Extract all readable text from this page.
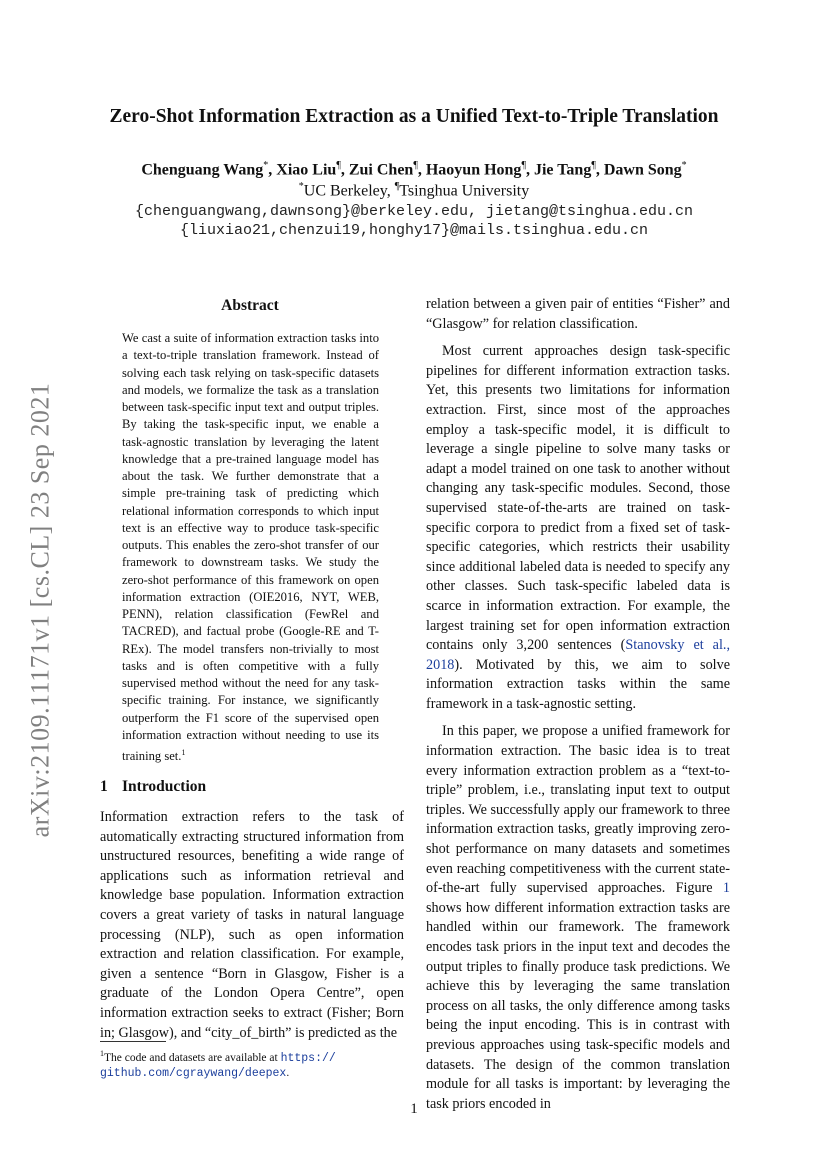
arXiv:2109.11171v1 [cs.CL] 23 Sep 2021
Zero-Shot Information Extraction as a Unified Text-to-Triple Translation
Chenguang Wang*, Xiao Liu¶, Zui Chen¶, Haoyun Hong¶, Jie Tang¶, Dawn Song*
*UC Berkeley, ¶Tsinghua University
{chenguangwang,dawnsong}@berkeley.edu, jietang@tsinghua.edu.cn
{liuxiao21,chenzui19,honghy17}@mails.tsinghua.edu.cn
Abstract
We cast a suite of information extraction tasks into a text-to-triple translation framework. Instead of solving each task relying on task-specific datasets and models, we formalize the task as a translation between task-specific input text and output triples. By taking the task-specific input, we enable a task-agnostic translation by leveraging the latent knowledge that a pre-trained language model has about the task. We further demonstrate that a simple pre-training task of predicting which relational information corresponds to which input text is an effective way to produce task-specific outputs. This enables the zero-shot transfer of our framework to downstream tasks. We study the zero-shot performance of this framework on open information extraction (OIE2016, NYT, WEB, PENN), relation classification (FewRel and TACRED), and factual probe (Google-RE and T-REx). The model transfers non-trivially to most tasks and is often competitive with a fully supervised method without the need for any task-specific training. For instance, we significantly outperform the F1 score of the supervised open information extraction without needing to use its training set.$^1$
1 Introduction

Information extraction refers to the task of automatically extracting structured information from unstructured resources, benefiting a wide range of applications such as information retrieval and knowledge base population. Information extraction covers a great variety of tasks in natural language processing (NLP), such as open information extraction and relation classification. For example, given a sentence “Born in Glasgow, Fisher is a graduate of the London Opera Centre”, open information extraction seeks to extract (Fisher; Born in; Glasgow), and “city_of_birth” is predicted as the

relation between a given pair of entities “Fisher” and “Glasgow” for relation classification.

Most current approaches design task-specific pipelines for different information extraction tasks. Yet, this presents two limitations for information extraction. First, since most of the approaches employ a task-specific model, it is difficult to leverage a single pipeline to solve many tasks or adapt a model trained on one task to another without changing any task-specific modules. Second, those supervised state-of-the-arts are trained on task-specific corpora to predict from a fixed set of task-specific categories, which restricts their usability since additional labeled data is needed to specify any other classes. Such task-specific labeled data is scarce in information extraction. For example, the largest training set for open information extraction contains only 3,200 sentences (Stanovsky et al., 2018). Motivated by this, we aim to solve information extraction tasks within the same framework in a task-agnostic setting.

In this paper, we propose a unified framework for information extraction. The basic idea is to treat every information extraction problem as a “text-to-triple” problem, i.e., translating input text to output triples. We successfully apply our framework to three information extraction tasks, greatly improving zero-shot performance on many datasets and sometimes even reaching competitiveness with the current state-of-the-art fully supervised approaches. Figure 1 shows how different information extraction tasks are handled within our framework. The framework encodes task priors in the input text and decodes the output triples to finally produce task predictions. We achieve this by leveraging the same translation process on all tasks, the only difference among tasks being the input encoding. This is in contrast with previous approaches using task-specific models and datasets. The design of the common translation module for all tasks is important: by leveraging the task priors encoded in

$^1$The code and datasets are available at https://
github.com/cgraywang/deepex.
1
